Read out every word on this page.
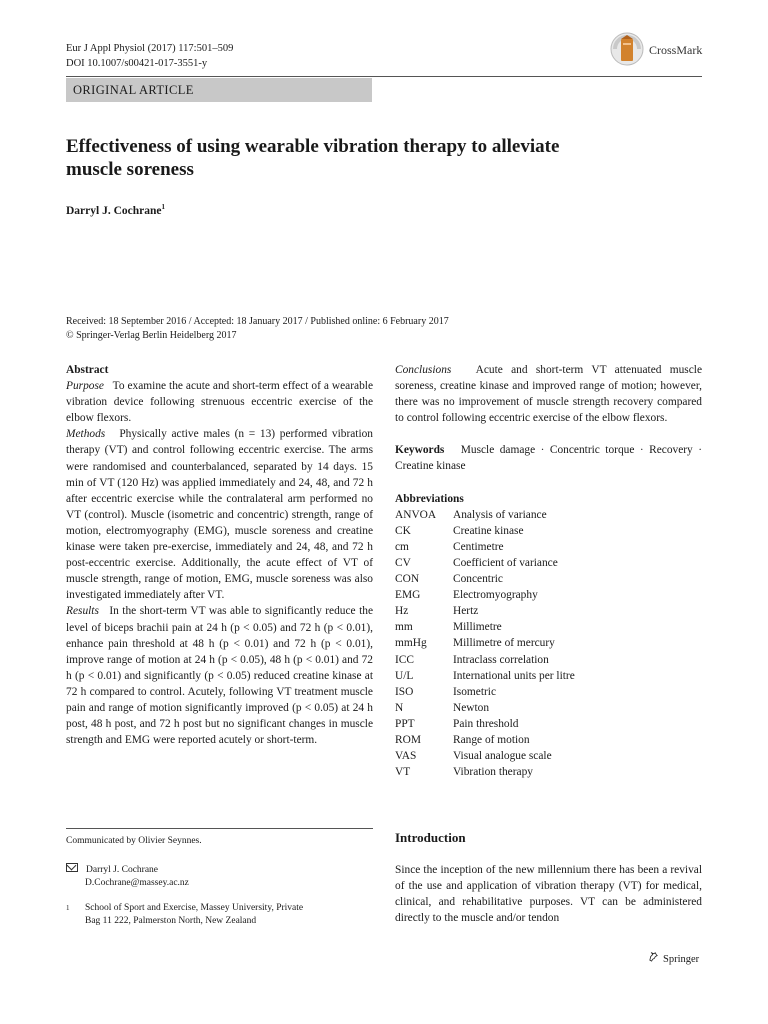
Eur J Appl Physiol (2017) 117:501–509
DOI 10.1007/s00421-017-3551-y
CrossMark
ORIGINAL ARTICLE
Effectiveness of using wearable vibration therapy to alleviate
muscle soreness
Darryl J. Cochrane$^1$
Received: 18 September 2016 / Accepted: 18 January 2017 / Published online: 6 February 2017
© Springer-Verlag Berlin Heidelberg 2017

Abstract

Purpose To examine the acute and short-term effect of a wearable vibration device following strenuous eccentric exercise of the elbow flexors.

Methods Physically active males (n = 13) performed vibration therapy (VT) and control following eccentric exercise. The arms were randomised and counterbalanced, separated by 14 days. 15 min of VT (120 Hz) was applied immediately and 24, 48, and 72 h after eccentric exercise while the contralateral arm performed no VT (control). Muscle (isometric and concentric) strength, range of motion, electromyography (EMG), muscle soreness and creatine kinase were taken pre-exercise, immediately and 24, 48, and 72 h post-eccentric exercise. Additionally, the acute effect of VT of muscle strength, range of motion, EMG, muscle soreness was also investigated immediately after VT.

Results In the short-term VT was able to significantly reduce the level of biceps brachii pain at 24 h (p < 0.05) and 72 h (p < 0.01), enhance pain threshold at 48 h (p < 0.01) and 72 h (p < 0.01), improve range of motion at 24 h (p < 0.05), 48 h (p < 0.01) and 72 h (p < 0.01) and significantly (p < 0.05) reduced creatine kinase at 72 h compared to control. Acutely, following VT treatment muscle pain and range of motion significantly improved (p < 0.05) at 24 h post, 48 h post, and 72 h post but no significant changes in muscle strength and EMG were reported acutely or short-term.

Conclusions Acute and short-term VT attenuated muscle soreness, creatine kinase and improved range of motion; however, there was no improvement of muscle strength recovery compared to control following eccentric exercise of the elbow flexors.

Keywords Muscle damage · Concentric torque · Recovery · Creatine kinase

Abbreviations

ANVOA	Analysis of variance
CK	Creatine kinase
cm	Centimetre
CV	Coefficient of variance
CON	Concentric
EMG	Electromyography
Hz	Hertz
mm	Millimetre
mmHg	Millimetre of mercury
ICC	Intraclass correlation
U/L	International units per litre
ISO	Isometric
N	Newton
PPT	Pain threshold
ROM	Range of motion
VAS	Visual analogue scale
VT	Vibration therapy
Communicated by Olivier Seynnes.
Darryl J. Cochrane
D.Cochrane@massey.ac.nz
1 School of Sport and Exercise, Massey University, Private
Bag 11 222, Palmerston North, New Zealand
Introduction
Since the inception of the new millennium there has been a revival of the use and application of vibration therapy (VT) for medical, clinical, and rehabilitative purposes. VT can be administered directly to the muscle and/or tendon
Springer
